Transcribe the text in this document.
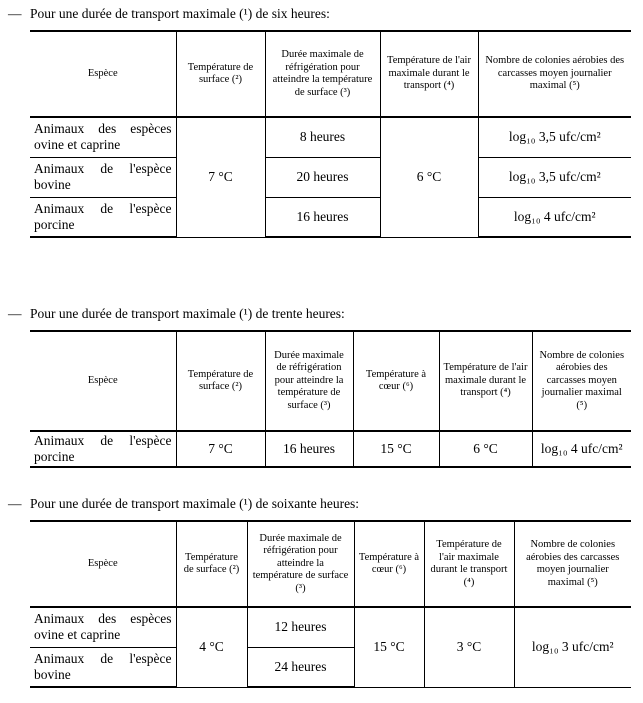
— Pour une durée de transport maximale (¹) de six heures:
Espèce	Température de surface (²)	Durée maximale de réfrigération pour atteindre la température de surface (³)	Température de l'air maximale durant le transport (⁴)	Nombre de colonies aérobies des carcasses moyen journalier maximal (⁵)
Animaux des espèces ovine et caprine	7 °C	8 heures	6 °C	log₁₀ 3,5 ufc/cm²
Animaux de l'espèce bovine		20 heures		log₁₀ 3,5 ufc/cm²
Animaux de l'espèce porcine		16 heures		log₁₀ 4 ufc/cm²
— Pour une durée de transport maximale (¹) de trente heures:
Espèce	Température de surface (²)	Durée maximale de réfrigération pour atteindre la température de surface (³)	Température à cœur (⁶)	Température de l'air maximale durant le transport (⁴)	Nombre de colonies aérobies des carcasses moyen journalier maximal (⁵)
Animaux de l'espèce porcine	7 °C	16 heures	15 °C	6 °C	log₁₀ 4 ufc/cm²
— Pour une durée de transport maximale (¹) de soixante heures:
Espèce	Température de surface (²)	Durée maximale de réfrigération pour atteindre la température de surface (³)	Température à cœur (⁶)	Température de l'air maximale durant le transport (⁴)	Nombre de colonies aérobies des carcasses moyen journalier maximal (⁵)
Animaux des espèces ovine et caprine	4 °C	12 heures	15 °C	3 °C	log₁₀ 3 ufc/cm²
Animaux de l'espèce bovine		24 heures			
